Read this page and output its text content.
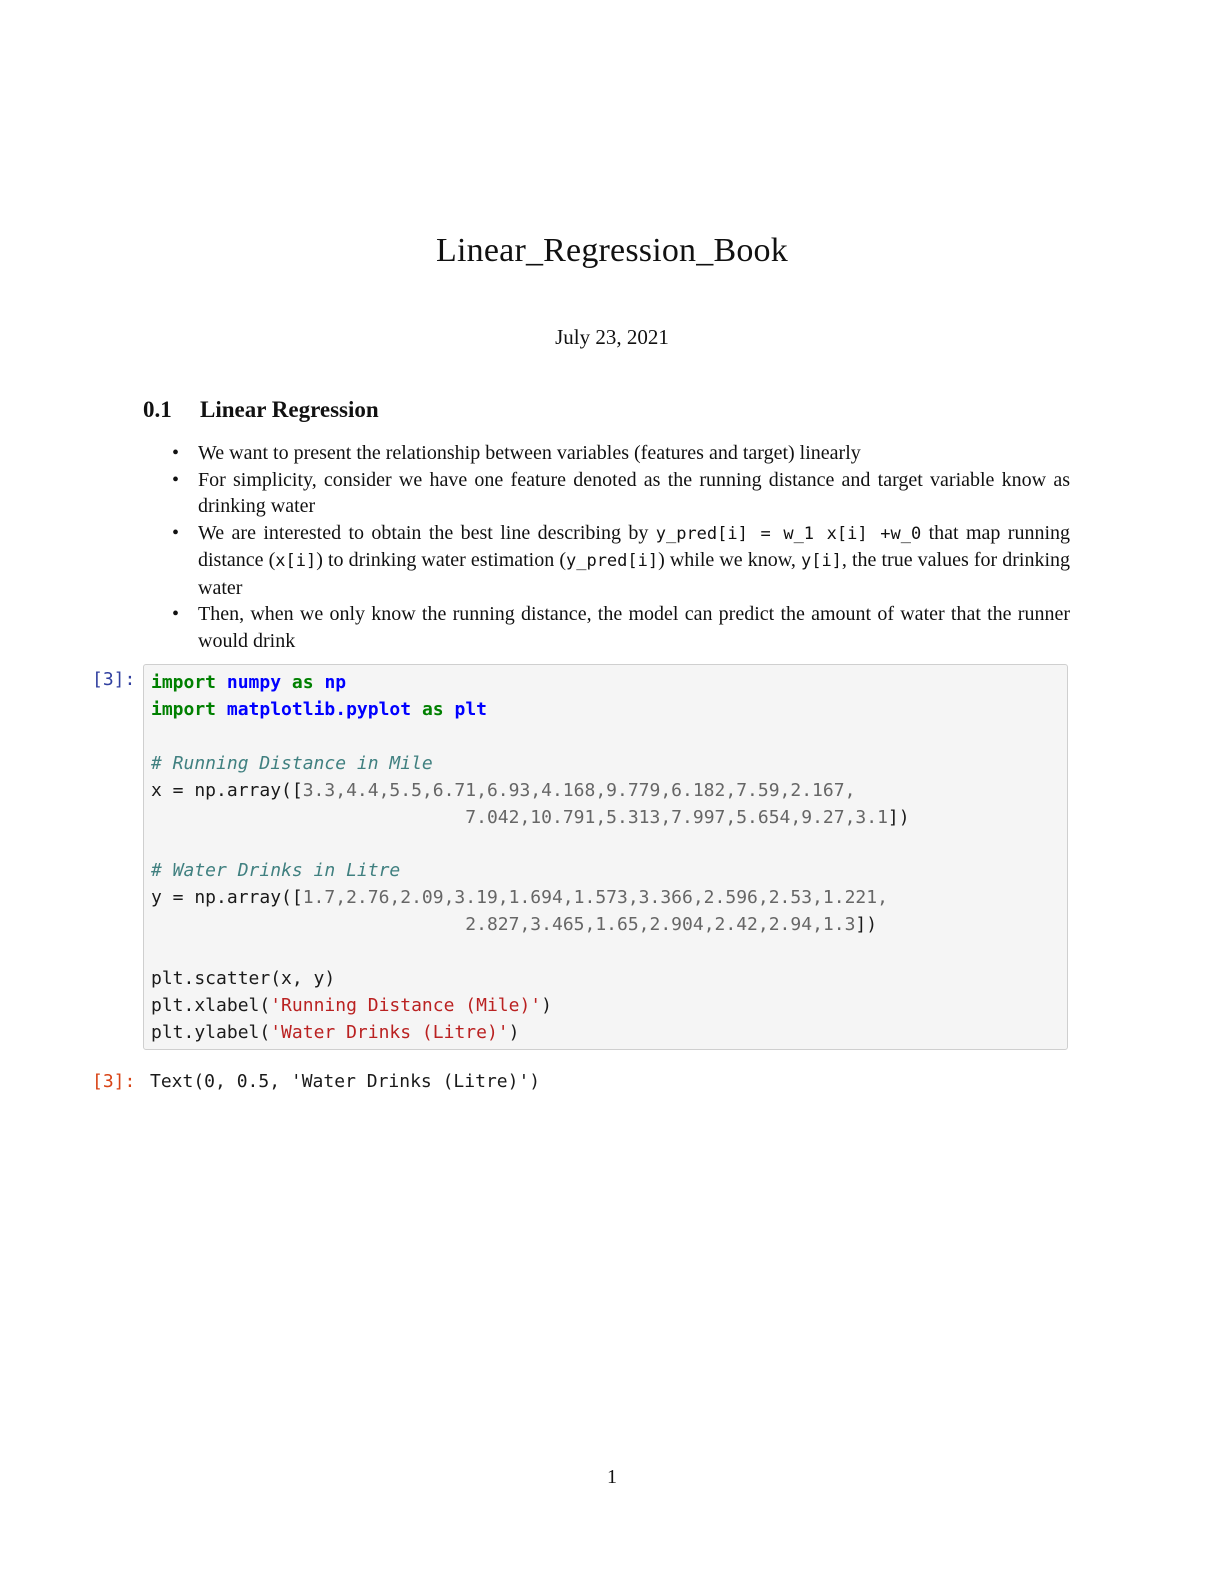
Linear_Regression_Book
July 23, 2021
0.1 Linear Regression
• We want to present the relationship between variables (features and target) linearly
• For simplicity, consider we have one feature denoted as the running distance and target variable know as drinking water
• We are interested to obtain the best line describing by y_pred[i] = w_1 x[i] +w_0 that map running distance (x[i]) to drinking water estimation (y_pred[i]) while we know, y[i], the true values for drinking water
• Then, when we only know the running distance, the model can predict the amount of water that the runner would drink
[3]: import numpy as np
import matplotlib.pyplot as plt

# Running Distance in Mile
x = np.array([3.3,4.4,5.5,6.71,6.93,4.168,9.779,6.182,7.59,2.167,
7.042,10.791,5.313,7.997,5.654,9.27,3.1])

# Water Drinks in Litre
y = np.array([1.7,2.76,2.09,3.19,1.694,1.573,3.366,2.596,2.53,1.221,
2.827,3.465,1.65,2.904,2.42,2.94,1.3])

plt.scatter(x, y)
plt.xlabel('Running Distance (Mile)')
plt.ylabel('Water Drinks (Litre)')
[3]: Text(0, 0.5, 'Water Drinks (Litre)')
1
